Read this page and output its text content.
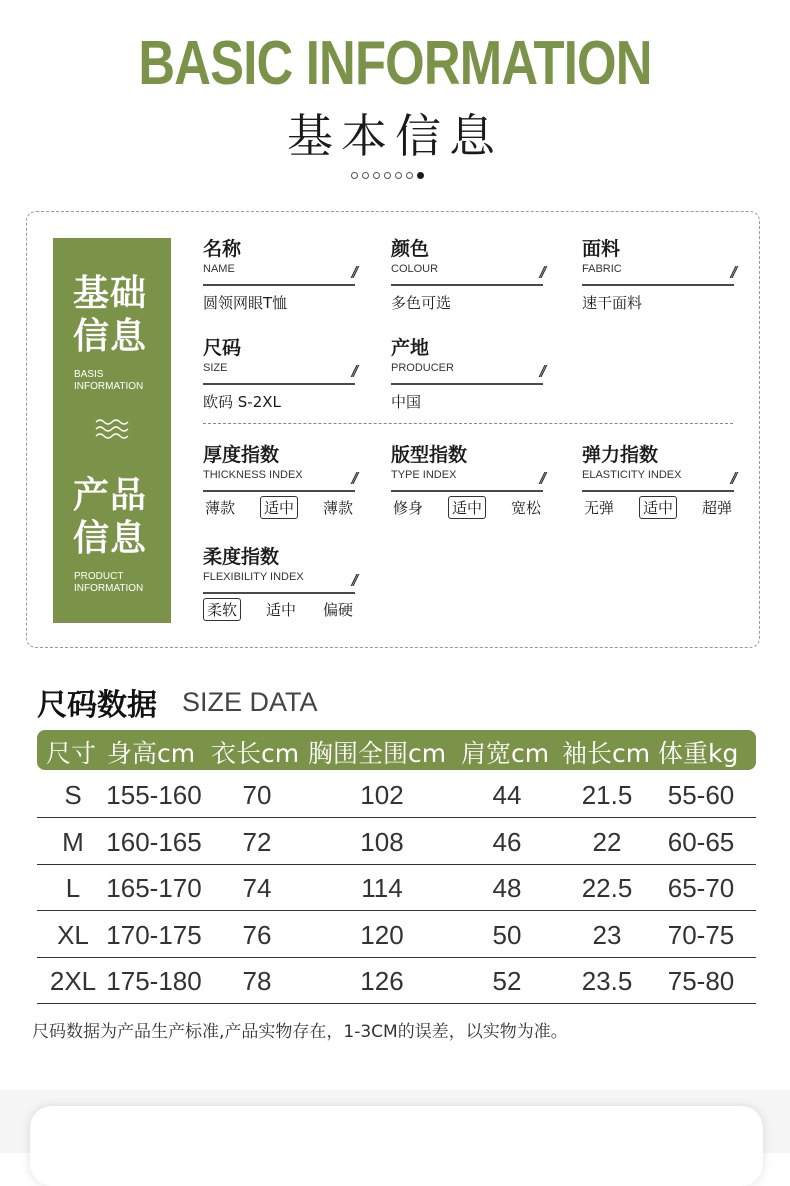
BASIC INFORMATION
基本信息
基础
信息
BASIS
INFORMATION
产品
信息
PRODUCT
INFORMATION
名称
NAME	//
圆领网眼T恤
颜色
COLOUR	//
多色可选
面料
FABRIC	//
速干面料
尺码
SIZE	//
欧码 S-2XL
产地
PRODUCER	//
中国
厚度指数
THICKNESS INDEX	//
薄款 适中 薄款
版型指数
TYPE INDEX	//
修身 适中 宽松
弹力指数
ELASTICITY INDEX	//
无弹 适中 超弹
柔度指数
FLEXIBILITY INDEX	//
柔软 适中 偏硬
尺码数据 SIZE DATA
尺寸 身高cm 衣长cm 胸围全围cm 肩宽cm 袖长cm 体重kg
S 155-160	70	102	44	21.5	55-60
M 160-165	72	108	46	22	60-65
L	165-170	74	114	48	22.5	65-70
XL 170-175	76	120	50	23	70-75
2XL 175-180	78	126	52	23.5	75-80
尺码数据为产品生产标准,产品实物存在，1-3CM的误差，以实物为准。
